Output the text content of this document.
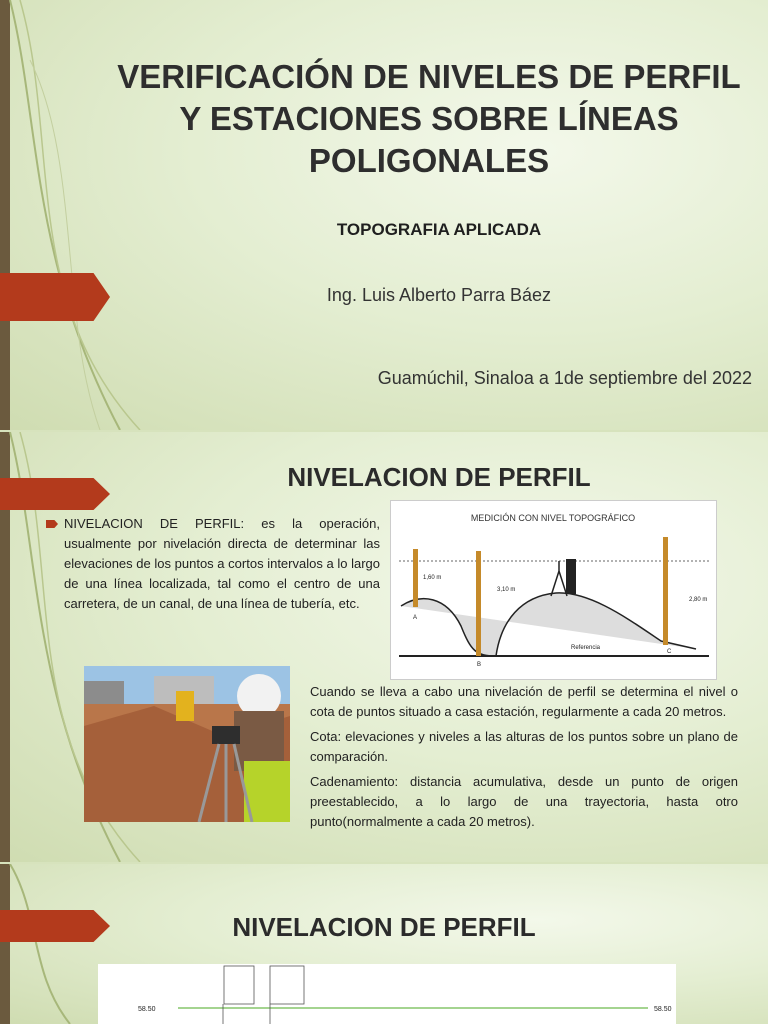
VERIFICACIÓN DE NIVELES DE PERFIL Y ESTACIONES SOBRE LÍNEAS POLIGONALES
TOPOGRAFIA APLICADA
Ing. Luis Alberto Parra Báez
Guamúchil, Sinaloa a 1de septiembre del 2022
NIVELACION DE PERFIL
NIVELACION DE PERFIL: es la operación, usualmente por nivelación directa de determinar las elevaciones de los puntos a cortos intervalos a lo largo de una línea localizada, tal como el centro de una carretera, de un canal, de una línea de tubería, etc.
MEDICIÓN CON NIVEL TOPOGRÁFICO
1,60 m
3,10 m
2,80 m
Referencia
A
B
C

Cuando se lleva a cabo una nivelación de perfil se determina el nivel o cota de puntos situado a casa estación, regularmente a cada 20 metros.

Cota: elevaciones y niveles a las alturas de los puntos sobre un plano de comparación.

Cadenamiento: distancia acumulativa, desde un punto de origen preestablecido, a lo largo de una trayectoria, hasta otro punto(normalmente a cada 20 metros).

NIVELACION DE PERFIL
58.50	58.50
